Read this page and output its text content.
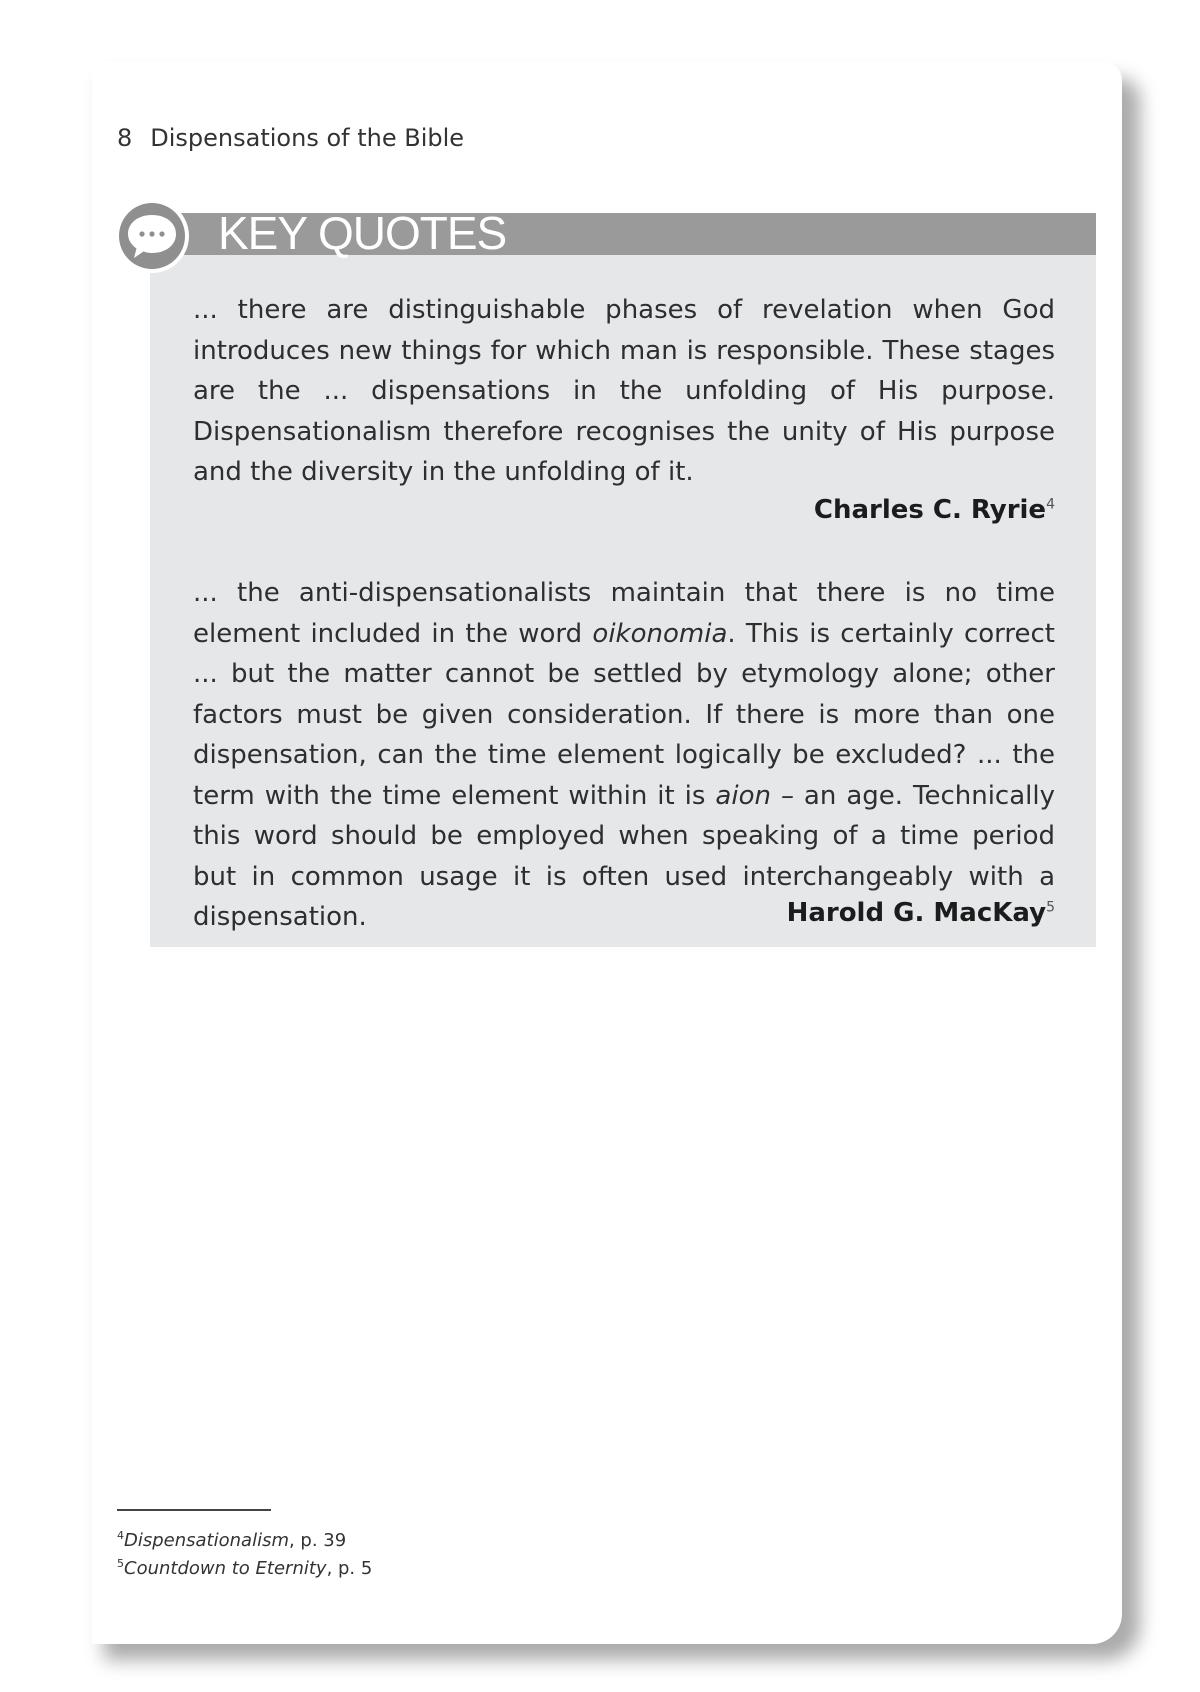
8 Dispensations of the Bible
KEY QUOTES

... there are distinguishable phases of revelation when God introduces new things for which man is responsible. These stages are the ... dispensations in the unfolding of His purpose. Dispensationalism therefore recognises the unity of His purpose and the diversity in the unfolding of it.

Charles C. Ryrie$^4$

... the anti-dispensationalists maintain that there is no time element included in the word oikonomia. This is certainly correct ... but the matter cannot be settled by etymology alone; other factors must be given consideration. If there is more than one dispensation, can the time element logically be excluded? ... the term with the time element within it is aion – an age. Technically this word should be employed when speaking of a time period but in common usage it is often used interchangeably with a dispensation.	Harold G. MacKay$^5$
$^4$Dispensationalism, p. 39
$^5$Countdown to Eternity, p. 5
